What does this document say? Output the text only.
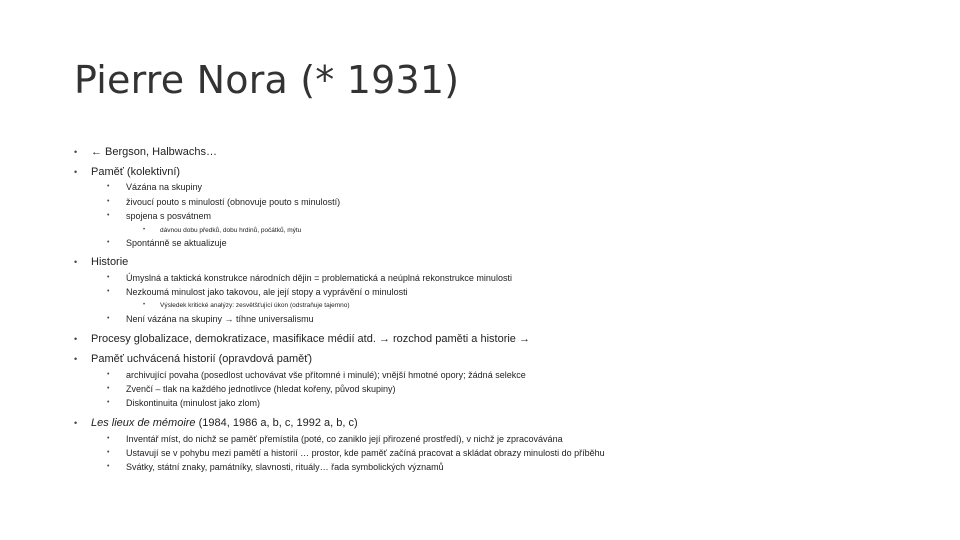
Pierre Nora (* 1931)
• ← Bergson, Halbwachs…
• Paměť (kolektivní)
• Vázána na skupiny
• živoucí pouto s minulostí (obnovuje pouto s minulostí)
• spojena s posvátnem
• dávnou dobu předků, dobu hrdinů, počátků, mýtu
• Spontánně se aktualizuje
• Historie
• Úmyslná a taktická konstrukce národních dějin = problematická a neúplná rekonstrukce minulosti
• Nezkoumá minulost jako takovou, ale její stopy a vyprávění o minulosti
• Výsledek kritické analýzy: zesvětšťující úkon (odstraňuje tajemno)
• Není vázána na skupiny → tíhne universalismu
• Procesy globalizace, demokratizace, masifikace médií atd. → rozchod paměti a historie →
• Paměť uchvácená historií (opravdová paměť)
• archivující povaha (posedlost uchovávat vše přítomné i minulé); vnější hmotné opory; žádná selekce
• Zvenčí – tlak na každého jednotlivce (hledat kořeny, původ skupiny)
• Diskontinuita (minulost jako zlom)
• Les lieux de mémoire (1984, 1986 a, b, c, 1992 a, b, c)
• Inventář míst, do nichž se paměť přemístila (poté, co zaniklo její přirozené prostředí), v nichž je zpracovávána
• Ustavují se v pohybu mezi pamětí a historií … prostor, kde paměť začíná pracovat a skládat obrazy minulosti do příběhu
• Svátky, státní znaky, památníky, slavnosti, rituály… řada symbolických významů
